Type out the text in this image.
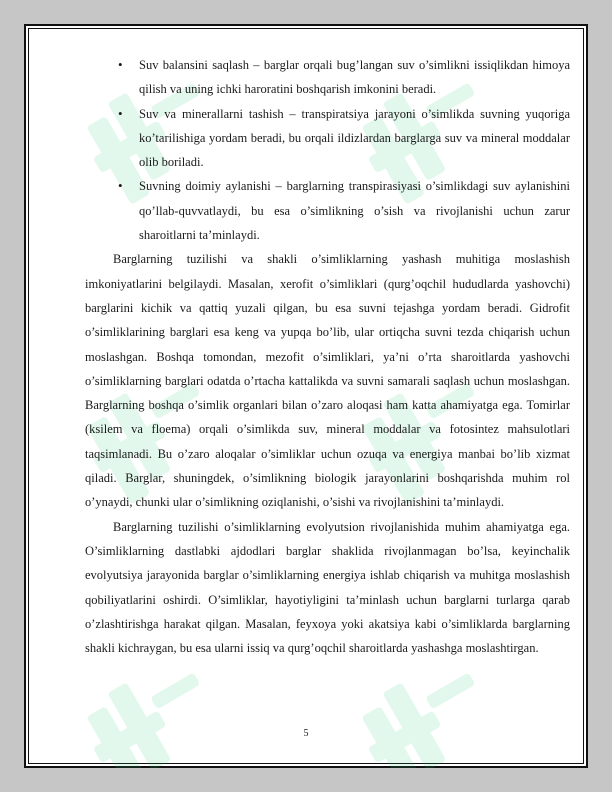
• Suv balansini saqlash – barglar orqali bug’langan suv o’simlikni issiqlikdan himoya qilish va uning ichki haroratini boshqarish imkonini beradi.
• Suv va minerallarni tashish – transpiratsiya jarayoni o’simlikda suvning yuqoriga ko’tarilishiga yordam beradi, bu orqali ildizlardan barglarga suv va mineral moddalar olib boriladi.
• Suvning doimiy aylanishi – barglarning transpirasiyasi o’simlikdagi suv aylanishini qo’llab-quvvatlaydi, bu esa o’simlikning o’sish va rivojlanishi uchun zarur sharoitlarni ta’minlaydi.

Barglarning tuzilishi va shakli o’simliklarning yashash muhitiga moslashish imkoniyatlarini belgilaydi. Masalan, xerofit o’simliklari (qurg’oqchil hududlarda yashovchi) barglarini kichik va qattiq yuzali qilgan, bu esa suvni tejashga yordam beradi. Gidrofit o’simliklarining barglari esa keng va yupqa bo’lib, ular ortiqcha suvni tezda chiqarish uchun moslashgan. Boshqa tomondan, mezofit o’simliklari, ya’ni o’rta sharoitlarda yashovchi o’simliklarning barglari odatda o’rtacha kattalikda va suvni samarali saqlash uchun moslashgan. Barglarning boshqa o’simlik organlari bilan o’zaro aloqasi ham katta ahamiyatga ega. Tomirlar (ksilem va floema) orqali o’simlikda suv, mineral moddalar va fotosintez mahsulotlari taqsimlanadi. Bu o’zaro aloqalar o’simliklar uchun ozuqa va energiya manbai bo’lib xizmat qiladi. Barglar, shuningdek, o’simlikning biologik jarayonlarini boshqarishda muhim rol o’ynaydi, chunki ular o’simlikning oziqlanishi, o’sishi va rivojlanishini ta’minlaydi.

Barglarning tuzilishi o’simliklarning evolyutsion rivojlanishida muhim ahamiyatga ega. O’simliklarning dastlabki ajdodlari barglar shaklida rivojlanmagan bo’lsa, keyinchalik evolyutsiya jarayonida barglar o’simliklarning energiya ishlab chiqarish va muhitga moslashish qobiliyatlarini oshirdi. O’simliklar, hayotiyligini ta’minlash uchun barglarni turlarga qarab o’zlashtirishga harakat qilgan. Masalan, feyxoya yoki akatsiya kabi o’simliklarda barglarning shakli kichraygan, bu esa ularni issiq va qurg’oqchil sharoitlarda yashashga moslashtirgan.

5
